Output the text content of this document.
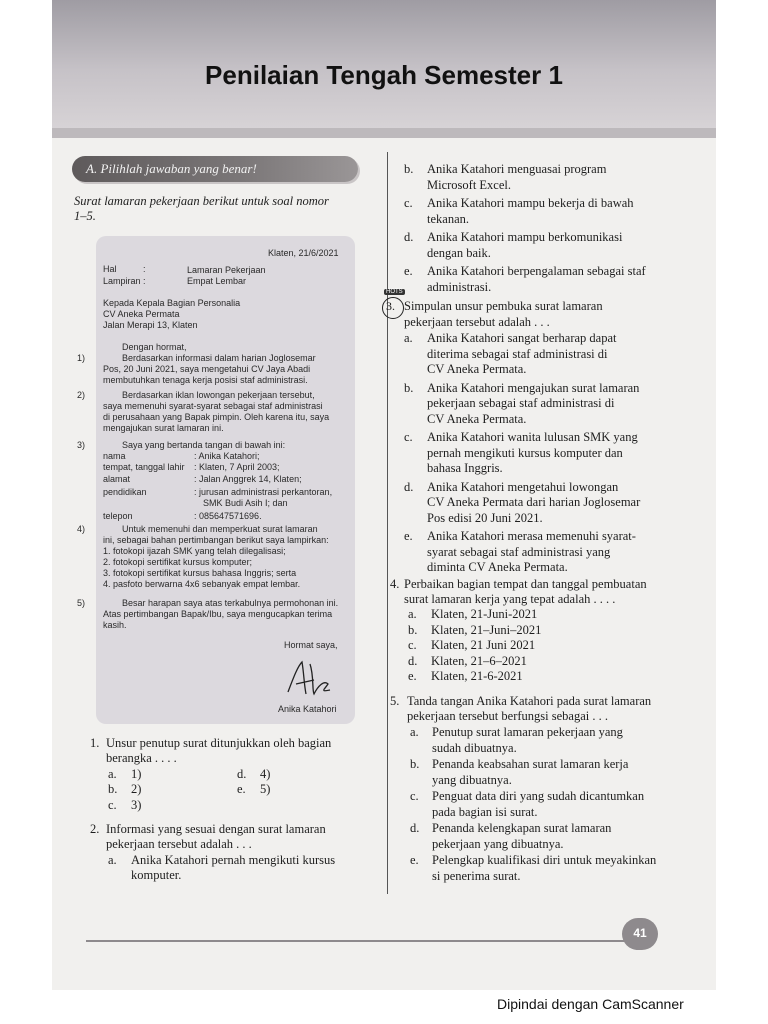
Penilaian Tengah Semester 1
A. Pilihlah jawaban yang benar!
Surat lamaran pekerjaan berikut untuk soal nomor
1–5.
Klaten, 21/6/2021
Hal	:	Lamaran Pekerjaan
Lampiran :	Empat Lembar
Kepada Kepala Bagian Personalia
CV Aneka Permata
Jalan Merapi 13, Klaten
Dengan hormat,
Berdasarkan informasi dalam harian Joglosemar
Pos, 20 Juni 2021, saya mengetahui CV Jaya Abadi
membutuhkan tenaga kerja posisi staf administrasi.
Berdasarkan iklan lowongan pekerjaan tersebut,
saya memenuhi syarat-syarat sebagai staf administrasi
di perusahaan yang Bapak pimpin. Oleh karena itu, saya
mengajukan surat lamaran ini.
Saya yang bertanda tangan di bawah ini:
nama	: Anika Katahori;
tempat, tanggal lahir : Klaten, 7 April 2003;
alamat	: Jalan Anggrek 14, Klaten;
pendidikan	: jurusan administrasi perkantoran,
SMK Budi Asih I; dan
telepon	: 085647571696.
Untuk memenuhi dan memperkuat surat lamaran
ini, sebagai bahan pertimbangan berikut saya lampirkan:
1. fotokopi ijazah SMK yang telah dilegalisasi;
2. fotokopi sertifikat kursus komputer;
3. fotokopi sertifikat kursus bahasa Inggris; serta
4. pasfoto berwarna 4x6 sebanyak empat lembar.
Besar harapan saya atas terkabulnya permohonan ini.
Atas pertimbangan Bapak/Ibu, saya mengucapkan terima
kasih.
Hormat saya,
Anika Katahori
1)
2)
3)
4)
5)
1. Unsur penutup surat ditunjukkan oleh bagian
berangka . . . .
a. 1)
b. 2)
c. 3)
d. 4)
e. 5)
2. Informasi yang sesuai dengan surat lamaran
pekerjaan tersebut adalah . . .
a. Anika Katahori pernah mengikuti kursus
komputer.
b. Anika Katahori menguasai program
Microsoft Excel.
c. Anika Katahori mampu bekerja di bawah
tekanan.
d. Anika Katahori mampu berkomunikasi
dengan baik.
e. Anika Katahori berpengalaman sebagai staf
administrasi.
3. Simpulan unsur pembuka surat lamaran
pekerjaan tersebut adalah . . .
a. Anika Katahori sangat berharap dapat
diterima sebagai staf administrasi di
CV Aneka Permata.
b. Anika Katahori mengajukan surat lamaran
pekerjaan sebagai staf administrasi di
CV Aneka Permata.
c. Anika Katahori wanita lulusan SMK yang
pernah mengikuti kursus komputer dan
bahasa Inggris.
d. Anika Katahori mengetahui lowongan
CV Aneka Permata dari harian Joglosemar
Pos edisi 20 Juni 2021.
e. Anika Katahori merasa memenuhi syarat-
syarat sebagai staf administrasi yang
diminta CV Aneka Permata.
4. Perbaikan bagian tempat dan tanggal pembuatan
surat lamaran kerja yang tepat adalah . . . .
a. Klaten, 21-Juni-2021
b. Klaten, 21–Juni–2021
c. Klaten, 21 Juni 2021
d. Klaten, 21–6–2021
e. Klaten, 21-6-2021
5. Tanda tangan Anika Katahori pada surat lamaran
pekerjaan tersebut berfungsi sebagai . . .
a. Penutup surat lamaran pekerjaan yang
sudah dibuatnya.
b. Penanda keabsahan surat lamaran kerja
yang dibuatnya.
c. Penguat data diri yang sudah dicantumkan
pada bagian isi surat.
d. Penanda kelengkapan surat lamaran
pekerjaan yang dibuatnya.
e. Pelengkap kualifikasi diri untuk meyakinkan
si penerima surat.
HOTS
41
Dipindai dengan CamScanner
